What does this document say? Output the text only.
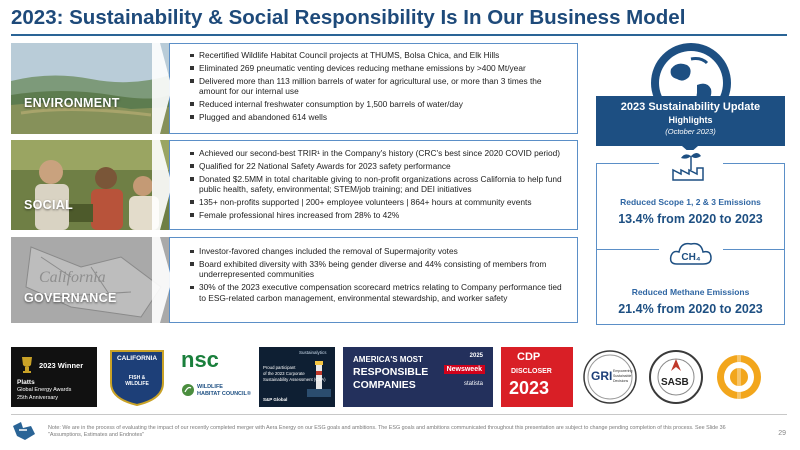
2023: Sustainability & Social Responsibility Is In Our Business Model
ENVIRONMENT
Recertified Wildlife Habitat Council projects at THUMS, Bolsa Chica, and Elk Hills
Eliminated 269 pneumatic venting devices reducing methane emissions by >400 Mt/year
Delivered more than 113 million barrels of water for agricultural use, or more than 3 times the amount for our internal use
Reduced internal freshwater consumption by 1,500 barrels of water/day
Plugged and abandoned 614 wells
SOCIAL
Achieved our second-best TRIR¹ in the Company's history (CRC's best since 2020 COVID period)
Qualified for 22 National Safety Awards for 2023 safety performance
Donated $2.5MM in total charitable giving to non-profit organizations across California to help fund public health, safety, environmental; STEM/job training; and DEI initiatives
135+ non-profits supported | 200+ employee volunteers | 864+ hours at community events
Female professional hires increased from 28% to 42%
California
GOVERNANCE
Investor-favored changes included the removal of Supermajority votes
Board exhibited diversity with 33% being gender diverse and 44% consisting of members from underrepresented communities
30% of the 2023 executive compensation scorecard metrics relating to Company performance tied to ESG-related carbon management, environmental stewardship, and worker safety
2023 Sustainability Update
Highlights
(October 2023)
Reduced Scope 1, 2 & 3 Emissions
13.4% from 2020 to 2023
CH₄
Reduced Methane Emissions
21.4% from 2020 to 2023
2023 Winner
Platts
Global Energy Awards
25th Anniversary
CALIFORNIA
FISH &
WILDLIFE
nsc
WILDLIFE
HABITAT COUNCIL®
Sustainalytics
Proud participant
of the 2023 Corporate
Sustainability Assessment (CSA)
S&P Global
AMERICA'S MOST
RESPONSIBLE
COMPANIES
2025
Newsweek
statista
CDP
DISCLOSER
2023
GRI Empowering
Sustainable
Decisions	SASB
Note: We are in the process of evaluating the impact of our recently completed merger with Aera Energy on our ESG goals and ambitions. The ESG goals and ambitions communicated throughout this presentation are subject to change pending completion of this process. See Slide 36 "Assumptions, Estimates and Endnotes"	29
